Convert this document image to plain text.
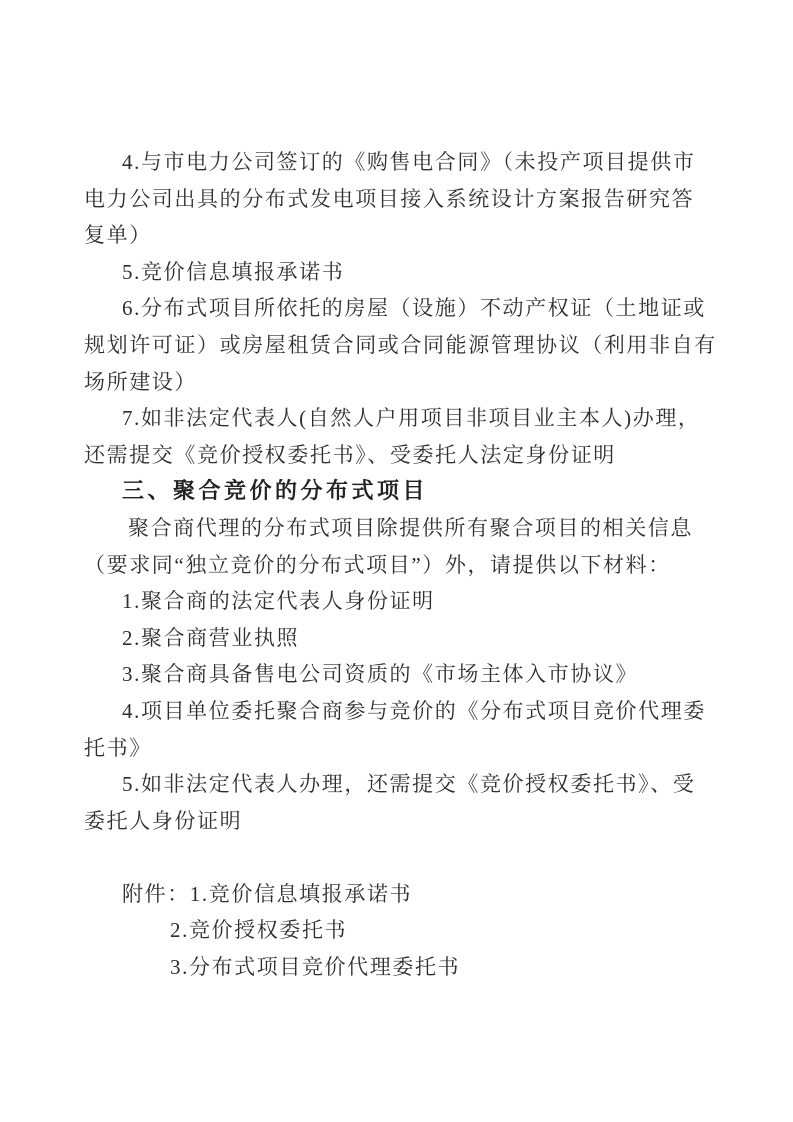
4.与市电力公司签订的《购售电合同》（未投产项目提供市
电力公司出具的分布式发电项目接入系统设计方案报告研究答
复单）
5.竞价信息填报承诺书
6.分布式项目所依托的房屋（设施）不动产权证（土地证或
规划许可证）或房屋租赁合同或合同能源管理协议（利用非自有
场所建设）
7.如非法定代表人(自然人户用项目非项目业主本人)办理，
还需提交《竞价授权委托书》、受委托人法定身份证明
三、聚合竞价的分布式项目
聚合商代理的分布式项目除提供所有聚合项目的相关信息
（要求同“独立竞价的分布式项目”）外，请提供以下材料：
1.聚合商的法定代表人身份证明
2.聚合商营业执照
3.聚合商具备售电公司资质的《市场主体入市协议》
4.项目单位委托聚合商参与竞价的《分布式项目竞价代理委
托书》
5.如非法定代表人办理，还需提交《竞价授权委托书》、受
委托人身份证明
附件：1.竞价信息填报承诺书
2.竞价授权委托书
3.分布式项目竞价代理委托书
